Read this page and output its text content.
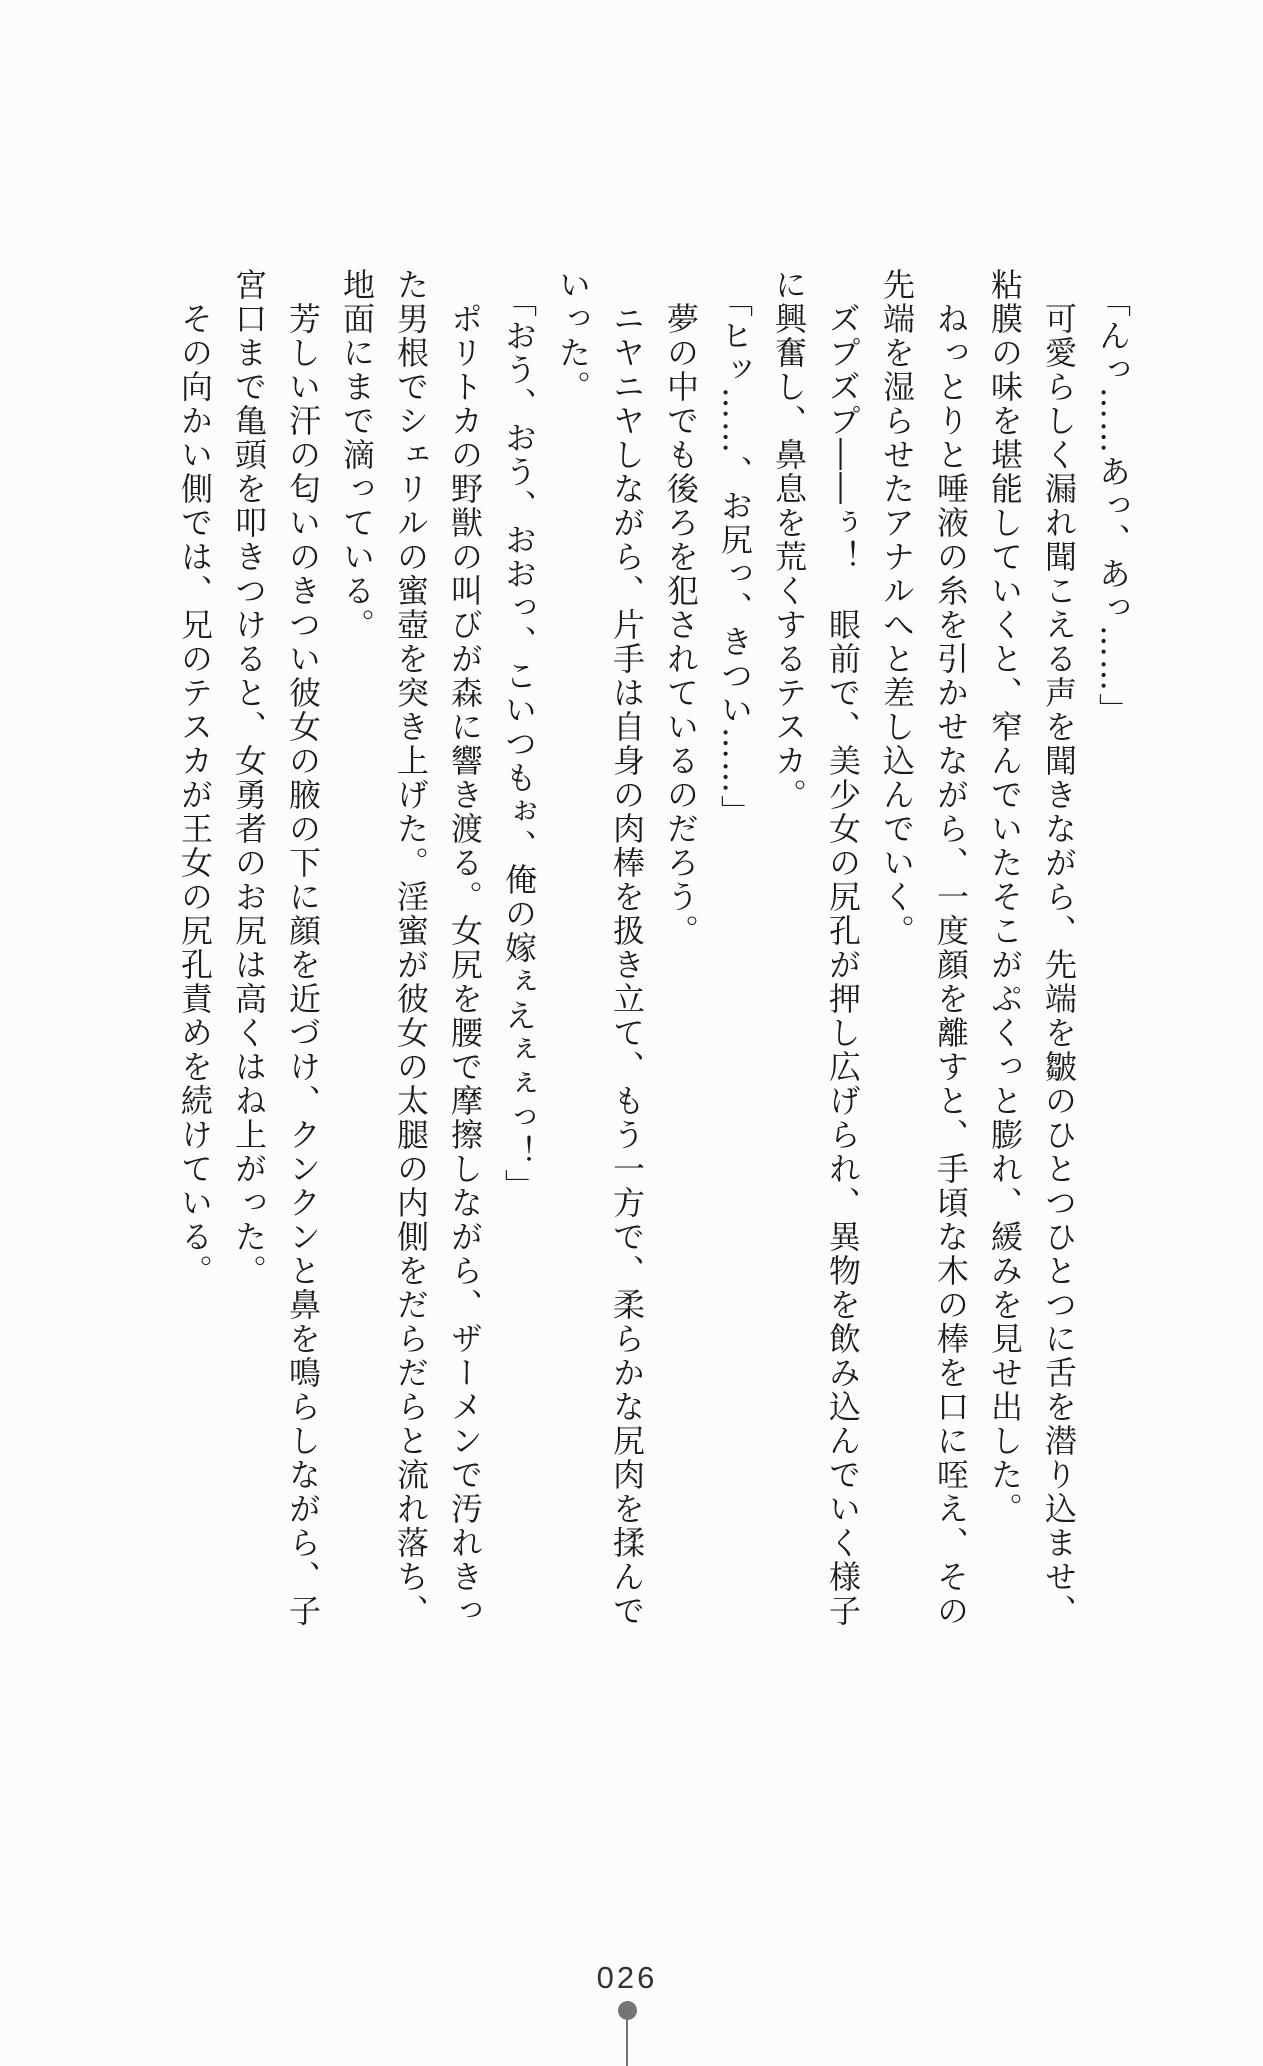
「んっ……あっ、あっ……」

可愛らしく漏れ聞こえる声を聞きながら、先端を皺のひとつひとつに舌を潜り込ませ、

粘膜の味を堪能していくと、窄んでいたそこがぷくっと膨れ、緩みを見せ出した。

ねっとりと唾液の糸を引かせながら、一度顔を離すと、手頃な木の棒を口に咥え、その

先端を湿らせたアナルへと差し込んでいく。

ズプズプ――ぅ！　眼前で、美少女の尻孔が押し広げられ、異物を飲み込んでいく様子

に興奮し、鼻息を荒くするテスカ。

「ヒッ……、お尻っ、きつい……」

夢の中でも後ろを犯されているのだろう。

ニヤニヤしながら、片手は自身の肉棒を扱き立て、もう一方で、柔らかな尻肉を揉んで

いった。

「おう、おう、おおっ、こいつもぉ、俺の嫁ぇえぇぇっ！」

ポリトカの野獣の叫びが森に響き渡る。女尻を腰で摩擦しながら、ザーメンで汚れきっ

た男根でシェリルの蜜壺を突き上げた。淫蜜が彼女の太腿の内側をだらだらと流れ落ち、

地面にまで滴っている。

芳しい汗の匂いのきつい彼女の腋の下に顔を近づけ、クンクンと鼻を鳴らしながら、子

宮口まで亀頭を叩きつけると、女勇者のお尻は高くはね上がった。

その向かい側では、兄のテスカが王女の尻孔責めを続けている。

026
